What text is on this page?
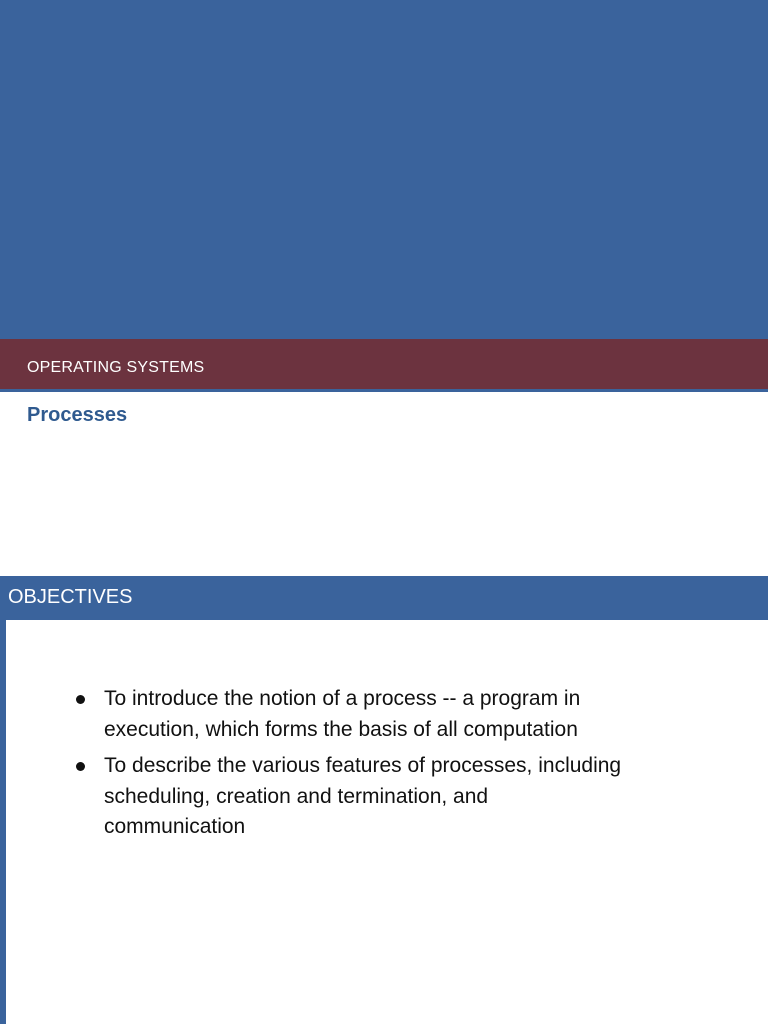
OPERATING SYSTEMS
Processes
OBJECTIVES
To introduce the notion of a process -- a program in execution, which forms the basis of all computation
To describe the various features of processes, including scheduling, creation and termination, and communication
